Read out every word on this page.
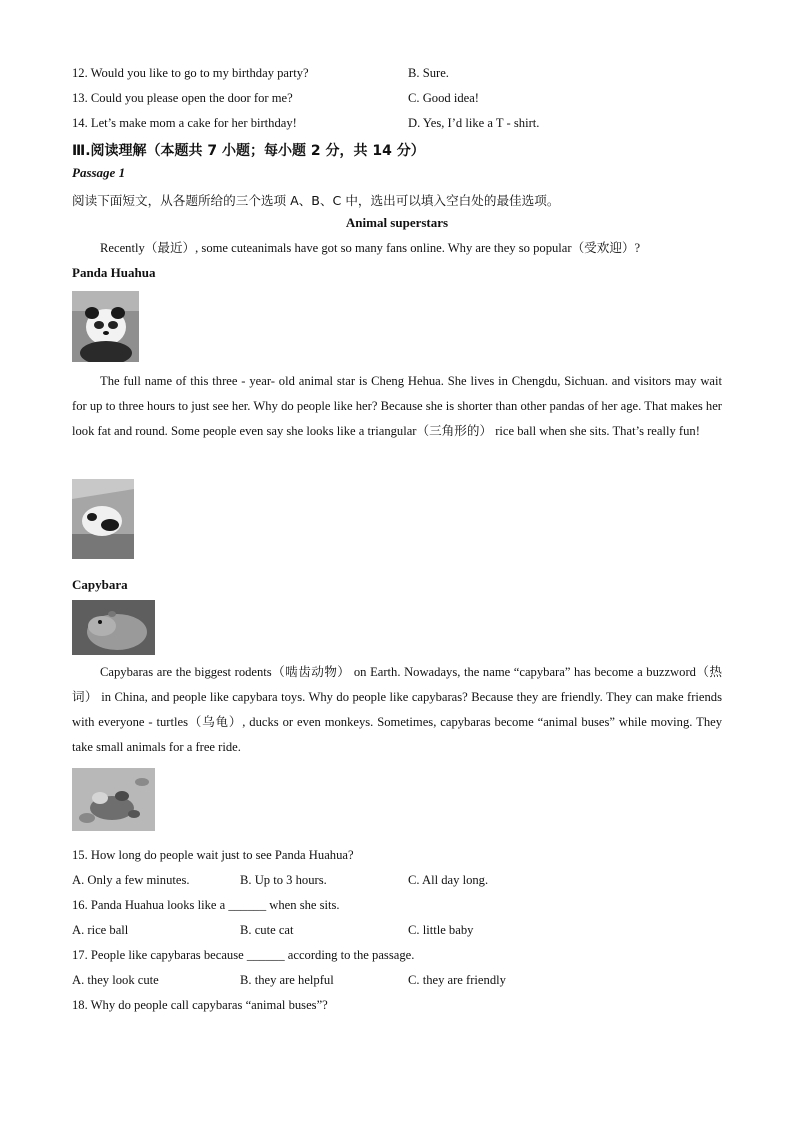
12. Would you like to go to my birthday party?	B. Sure.
13. Could you please open the door for me?	C. Good idea!
14. Let’s make mom a cake for her birthday!	D. Yes, I’d like a T - shirt.
Ⅲ.阅读理解（本题共 7 小题；每小题 2 分，共 14 分）
Passage 1
阅读下面短文，从各题所给的三个选项 A、B、C 中，选出可以填入空白处的最佳选项。
Animal superstars
Recently（最近）, some cuteanimals have got so many fans online. Why are they so popular（受欢迎）?
Panda Huahua
The full name of this three - year- old animal star is Cheng Hehua. She lives in Chengdu, Sichuan. and visitors may wait for up to three hours to just see her. Why do people like her? Because she is shorter than other pandas of her age. That makes her look fat and round. Some people even say she looks like a triangular（三角形的） rice ball when she sits. That’s really fun!
Capybara
Capybaras are the biggest rodents（啮齿动物） on Earth. Nowadays, the name “capybara” has become a buzzword（热词） in China, and people like capybara toys. Why do people like capybaras? Because they are friendly. They can make friends with everyone - turtles（乌龟）, ducks or even monkeys. Sometimes, capybaras become “animal buses” while moving. They take small animals for a free ride.
15. How long do people wait just to see Panda Huahua?
A. Only a few minutes.	B. Up to 3 hours.	C. All day long.
16. Panda Huahua looks like a ______ when she sits.
A. rice ball	B. cute cat	C. little baby
17. People like capybaras because ______ according to the passage.
A. they look cute	B. they are helpful	C. they are friendly
18. Why do people call capybaras “animal buses”?
